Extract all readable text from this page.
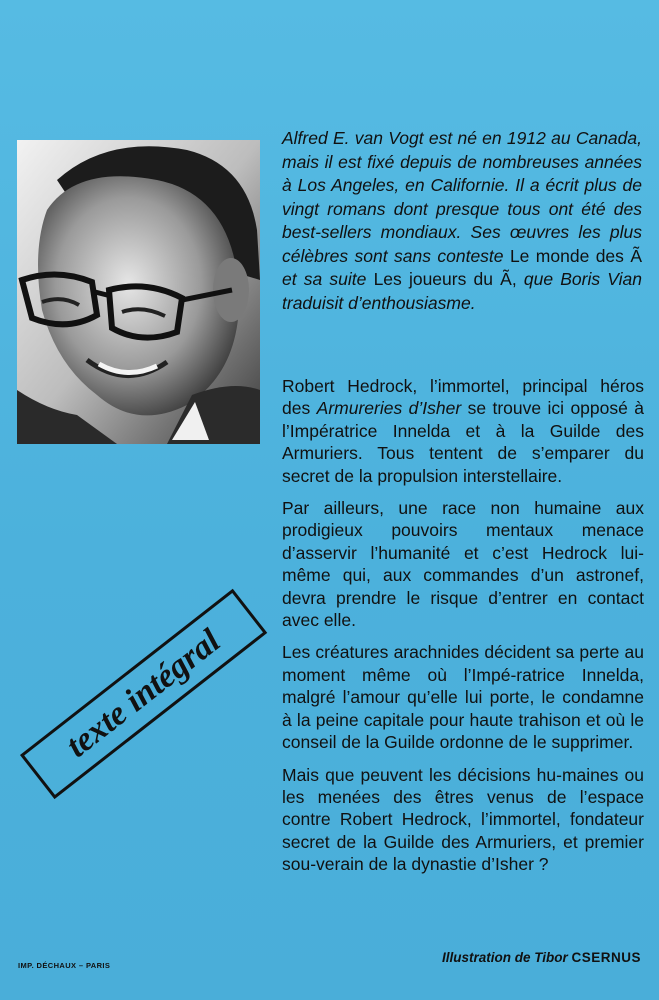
Alfred E. van Vogt est né en 1912 au Canada, mais il est fixé depuis de nombreuses années à Los Angeles, en Californie. Il a écrit plus de vingt romans dont presque tous ont été des best-sellers mondiaux. Ses œuvres les plus célèbres sont sans conteste Le monde des Ã et sa suite Les joueurs du Ã, que Boris Vian traduisit d’enthousiasme.

Robert Hedrock, l’immortel, principal héros des Armureries d’Isher se trouve ici opposé à l’Impératrice Innelda et à la Guilde des Armuriers. Tous tentent de s’emparer du secret de la propulsion interstellaire.

Par ailleurs, une race non humaine aux prodigieux pouvoirs mentaux menace d’asservir l’humanité et c’est Hedrock lui-même qui, aux commandes d’un astronef, devra prendre le risque d’entrer en contact avec elle.

Les créatures arachnides décident sa perte au moment même où l’Impé-ratrice Innelda, malgré l’amour qu’elle lui porte, le condamne à la peine capitale pour haute trahison et où le conseil de la Guilde ordonne de le supprimer.

Mais que peuvent les décisions hu-maines ou les menées des êtres venus de l’espace contre Robert Hedrock, l’immortel, fondateur secret de la Guilde des Armuriers, et premier sou-verain de la dynastie d’Isher ?

texte intégral
IMP. DÉCHAUX – PARIS
Illustration de Tibor CSERNUS
